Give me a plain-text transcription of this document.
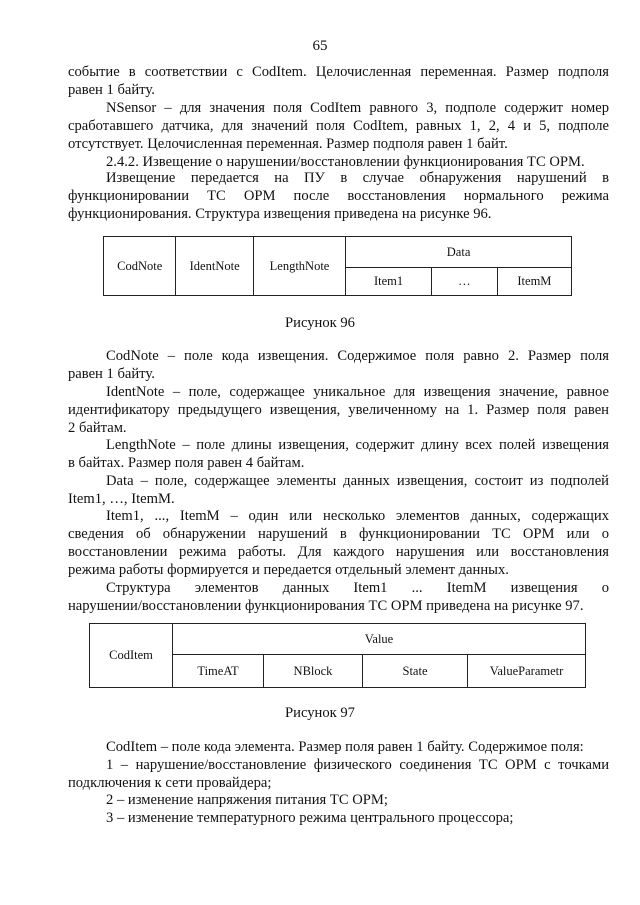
65
событие в соответствии с CodItem. Целочисленная переменная. Размер подполя
равен 1 байту.
NSensor – для значения поля CodItem равного 3, подполе содержит номер
сработавшего датчика, для значений поля CodItem, равных 1, 2, 4 и 5, подполе
отсутствует. Целочисленная переменная. Размер подполя равен 1 байт.
2.4.2. Извещение о нарушении/восстановлении функционирования ТС ОРМ.
Извещение передается на ПУ в случае обнаружения нарушений в
функционировании ТС ОРМ после восстановления нормального режима
функционирования. Структура извещения приведена на рисунке 96.
CodNote	IdentNote	LengthNote	Data		
			Item1	…	ItemM
Рисунок 96
CodNote – поле кода извещения. Содержимое поля равно 2. Размер поля
равен 1 байту.
IdentNote – поле, содержащее уникальное для извещения значение, равное
идентификатору предыдущего извещения, увеличенному на 1. Размер поля равен
2 байтам.
LengthNote – поле длины извещения, содержит длину всех полей извещения
в байтах. Размер поля равен 4 байтам.
Data – поле, содержащее элементы данных извещения, состоит из подполей
Item1, …, ItemM.
Item1, ..., ItemM – один или несколько элементов данных, содержащих
сведения об обнаружении нарушений в функционировании ТС ОРМ или о
восстановлении режима работы. Для каждого нарушения или восстановления
режима работы формируется и передается отдельный элемент данных.
Структура элементов данных Item1 ... ItemM извещения о
нарушении/восстановлении функционирования ТС ОРМ приведена на рисунке 97.
CodItem	Value			
	TimeAT	NBlock	State	ValueParametr
Рисунок 97
CodItem – поле кода элемента. Размер поля равен 1 байту. Содержимое поля:
1 – нарушение/восстановление физического соединения ТС ОРМ с точками
подключения к сети провайдера;
2 – изменение напряжения питания ТС ОРМ;
3 – изменение температурного режима центрального процессора;
